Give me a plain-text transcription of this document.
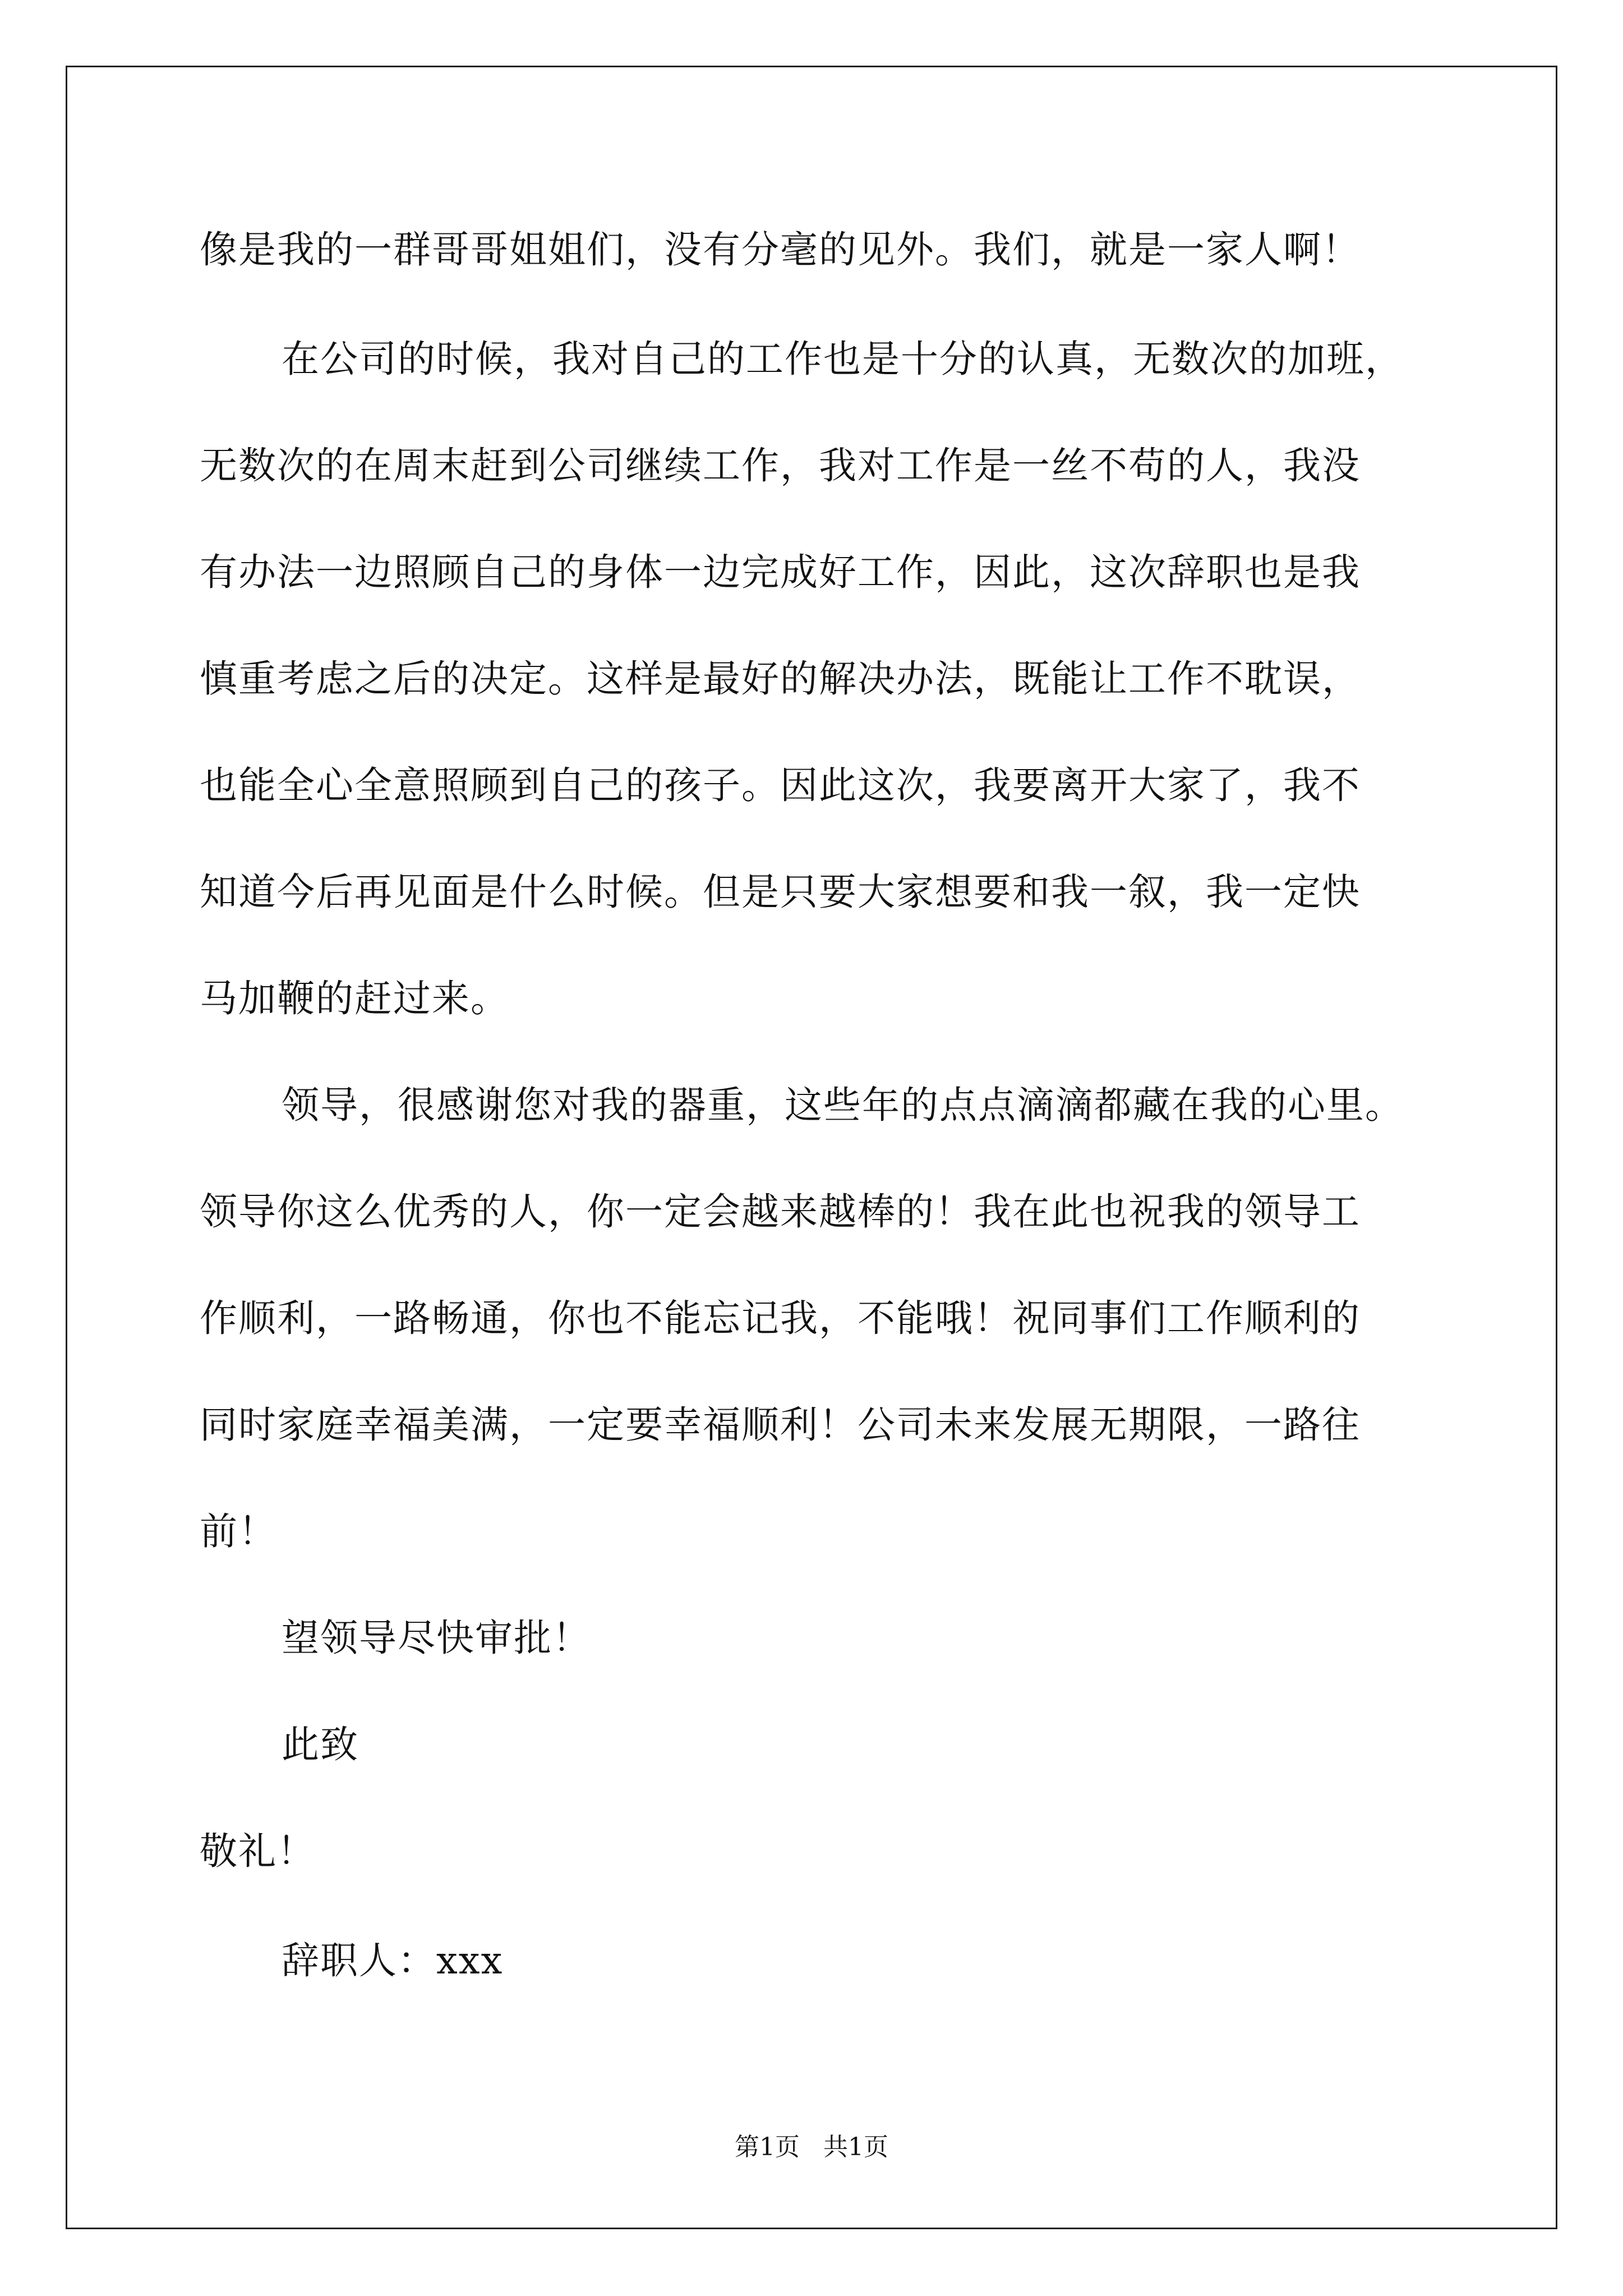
像是我的一群哥哥姐姐们，没有分毫的见外。我们，就是一家人啊！
在公司的时候，我对自己的工作也是十分的认真，无数次的加班，
无数次的在周末赶到公司继续工作，我对工作是一丝不苟的人，我没
有办法一边照顾自己的身体一边完成好工作，因此，这次辞职也是我
慎重考虑之后的决定。这样是最好的解决办法，既能让工作不耽误，
也能全心全意照顾到自己的孩子。因此这次，我要离开大家了，我不
知道今后再见面是什么时候。但是只要大家想要和我一叙，我一定快
马加鞭的赶过来。
领导，很感谢您对我的器重，这些年的点点滴滴都藏在我的心里。
领导你这么优秀的人，你一定会越来越棒的！我在此也祝我的领导工
作顺利，一路畅通，你也不能忘记我，不能哦！祝同事们工作顺利的
同时家庭幸福美满，一定要幸福顺利！公司未来发展无期限，一路往
前！
望领导尽快审批！
此致
敬礼！
辞职人：xxx
第1页   共1页
